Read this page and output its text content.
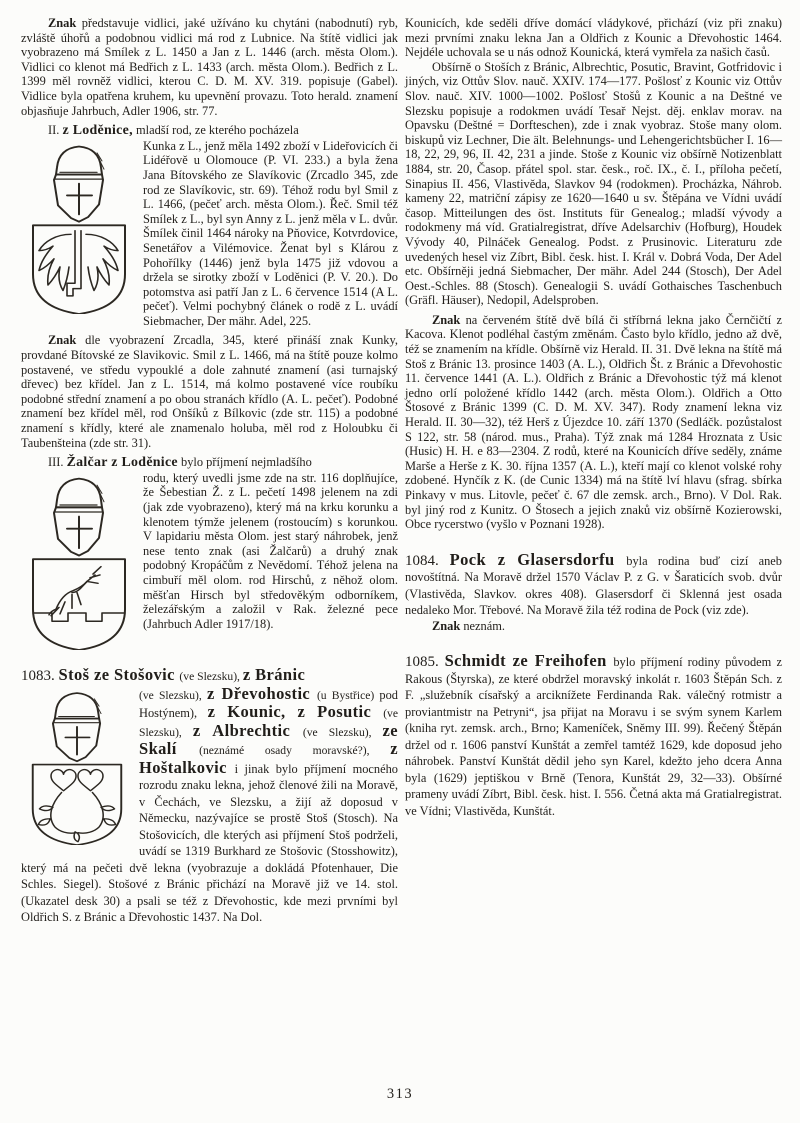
Znak představuje vidlici, jaké užíváno ku chytáni (nabodnutí) ryb, zvláště úhořů a podobnou vidlici má rod z Lubnice. Na štítě vidlici jak vyobrazeno má Smílek z L. 1450 a Jan z L. 1446 (arch. města Olom.). Vidlici co klenot má Bedřich z L. 1433 (arch. města Olom.). Bedřich z L. 1399 měl rovněž vidlici, kterou C. D. M. XV. 319. popisuje (Gabel). Vidlice byla opatřena kruhem, ku upevnění provazu. Toto herald. znamení objasňuje Jahrbuch, Adler 1906, str. 77.

II. z Loděnice, mladší rod, ze kterého pocházela

Kunka z L., jenž měla 1492 zboží v Lideřovicích či Lidéřově u Olomouce (P. VI. 233.) a byla žena Jana Bítovského ze Slavíkovic (Zrcadlo 345, zde rod ze Slavíkovic, str. 69). Téhož rodu byl Smil z L. 1466, (pečeť arch. města Olom.). Řeč. Smil též Smílek z L., byl syn Anny z L. jenž měla v L. dvůr. Šmílek činil 1464 nároky na Pňovice, Kotvrdovice, Senetářov a Vilémovice. Ženat byl s Klárou z Pohořílky (1446) jenž byla 1475 již vdovou a držela se sirotky zboží v Loděnici (P. V. 20.). Do potomstva asi patří Jan z L. 6 července 1514 (A L. pečeť). Velmi pochybný článek o rodě z L. uvádí Siebmacher, Der mähr. Adel, 225.

Znak dle vyobrazení Zrcadla, 345, které přináší znak Kunky, provdané Bítovské ze Slavikovic. Smil z L. 1466, má na štítě pouze kolmo postavené, ve středu vypouklé a dole zahnuté znamení (asi turnajský dřevec) bez křídel. Jan z L. 1514, má kolmo postavené více roubíku podobné střední znamení a po obou stranách křídlo (A. L. pečeť). Podobné znamení bez křídel měl, rod Onšíků z Bílkovic (zde str. 115) a podobné znamení s křídly, které ale znamenalo holuba, měl rod z Holoubku či Taubenšteina (zde str. 31).

III. Žalčar z Loděnice bylo příjmení nejmladšího

rodu, který uvedli jsme zde na str. 116 doplňujíce, že Šebestian Ž. z L. pečetí 1498 jelenem na zdi (jak zde vyobrazeno), který má na krku korunku a klenotem týmže jelenem (rostoucím) s korunkou. V lapidariu města Olom. jest starý náhrobek, jenž nese tento znak (asi Žalčarů) a druhý znak podobný Kropáčům z Nevědomí. Téhož jelena na cimbuří měl olom. rod Hirschů, z něhož olom. měšťan Hirsch byl středověkým odborníkem, železářským a založil v Rak. železné pece (Jahrbuch Adler 1917/18).

1083. Stoš ze Stošovic (ve Slezsku), z Bránic

(ve Slezsku), z Dřevohostic (u Bystřice) pod Hostýnem), z Kounic, z Posutic (ve Slezsku), z Albrechtic (ve Slezsku), ze Skalí (neznámé osady moravské?), z Hoštalkovic i jinak bylo příjmení mocného rozrodu znaku lekna, jehož členové žili na Moravě, v Čechách, ve Slezsku, a žijí až doposud v Německu, nazývajíce se prostě Stoš (Stosch). Na Stošovicích, dle kterých asi příjmení Stoš podrželi, uvádí se 1319 Burkhard ze Stošovic (Stosshowitz), který má na pečeti dvě lekna (vyobrazuje a dokládá Pfotenhauer, Die Schles. Siegel). Stošové z Bránic přichází na Moravě již ve 14. stol. (Ukazatel desk 30) a psali se též z Dřevohostic, kde mezi prvními byl Oldřich S. z Bránic a Dřevohostic 1437. Na Dol.

Kounicích, kde seděli dříve domácí vládykové, přichází (viz při znaku) mezi prvními znaku lekna Jan a Oldřich z Kounic a Dřevohostic 1464. Nejdéle uchovala se u nás odnož Kounická, která vymřela za našich časů.

Obšírně o Stoších z Bránic, Albrechtic, Posutic, Bravint, Gotfridovic i jiných, viz Ottův Slov. nauč. XXIV. 174—177. Pošlosť z Kounic viz Ottův Slov. nauč. XIV. 1000—1002. Pošlosť Stošů z Kounic a na Deštné ve Slezsku popisuje a rodokmen uvádí Tesař Nejst. děj. enklav morav. na Opavsku (Deštné = Dorfteschen), zde i znak vyobraz. Stoše many olom. biskupů viz Lechner, Die ält. Belehnungs- und Lehengerichtsbücher I. 16—18, 22, 29, 96, II. 42, 231 a jinde. Stoše z Kounic viz obšírně Notizenblatt 1884, str. 20, Časop. přátel spol. star. česk., roč. IX., č. I., příloha pečetí, Sinapius II. 456, Vlastivěda, Slavkov 94 (rodokmen). Procházka, Náhrob. kameny 22, matriční zápisy ze 1620—1640 u sv. Štěpána ve Vídni uvádí časop. Mitteilungen des öst. Instituts für Genealog.; mladší vývody a rodokmeny má víd. Gratialregistrat, dříve Adelsarchiv (Hofburg), Houdek Vývody 40, Pilnáček Genealog. Podst. z Prusinovic. Literaturu zde uvedených hesel viz Zíbrt, Bibl. česk. hist. I. Král v. Dobrá Voda, Der Adel etc. Obšírněji jedná Siebmacher, Der mähr. Adel 244 (Stosch), Der Adel Oest.-Schles. 88 (Stosch). Genealogii S. uvádí Gothaisches Taschenbuch (Gräfl. Häuser), Nedopil, Adelsproben.

Znak na červeném štítě dvě bílá či stříbrná lekna jako Černčičtí z Kacova. Klenot podléhal častým změnám. Často bylo křídlo, jedno až dvě, též se znamením na křídle. Obšírně viz Herald. II. 31. Dvě lekna na štítě má Stoš z Bránic 13. prosince 1403 (A. L.), Oldřich Št. z Bránic a Dřevohostic 11. července 1441 (A. L.). Oldřich z Bránic a Dřevohostic týž má klenot jedno orlí položené křídlo 1442 (arch. města Olom.). Oldřich a Otto Štosové z Bránic 1399 (C. D. M. XV. 347). Rody znamení lekna viz Herald. II. 30—32), též Herš z Újezdce 10. září 1370 (Sedláčk. pozůstalost S 122, str. 58 (národ. mus., Praha). Týž znak má 1284 Hroznata z Usic (Husic) H. H. e 83—2304. Z rodů, které na Kounicích dříve seděly, známe Marše a Herše z K. 30. října 1357 (A. L.), kteří mají co klenot volské rohy zdobené. Hynčík z K. (de Cunic 1334) má na štítě lví hlavu (sfrag. sbírka Pinkavy v mus. Litovle, pečeť č. 67 dle zemsk. arch., Brno). V Dol. Rak. byl jiný rod z Kunitz. O Štosech a jejich znaků viz obšírně Kozierowski, Obce rycerstwo (vyšlo v Poznani 1928).

1084. Pock z Glasersdorfu byla rodina buď cizí aneb novoštítná. Na Moravě držel 1570 Václav P. z G. v Šaraticích svob. dvůr (Vlastivěda, Slavkov. okres 408). Glasersdorf či Sklenná jest osada nedaleko Mor. Třebové. Na Moravě žila též rodina de Pock (viz zde).

Znak neznám.

1085. Schmidt ze Freihofen bylo příjmení rodiny původem z Rakous (Štyrska), ze které obdržel moravský inkolát r. 1603 Štěpán Sch. z F. „služebník císařský a arciknížete Ferdinanda Rak. válečný rotmistr a proviantmistr na Petryni“, jsa přijat na Moravu i se svým synem Karlem (kniha ryt. zemsk. arch., Brno; Kameníček, Sněmy III. 99). Řečený Štěpán držel od r. 1606 panství Kunštát a zemřel tamtéž 1629, kde doposud jeho náhrobek. Panství Kunštát dědil jeho syn Karel, kdežto jeho dcera Anna byla (1629) jeptiškou v Brně (Tenora, Kunštát 29, 32—33). Obšírné prameny uvádí Zíbrt, Bibl. česk. hist. I. 556. Četná akta má Gratialregistrat. ve Vídni; Vlastivěda, Kunštát.

313
